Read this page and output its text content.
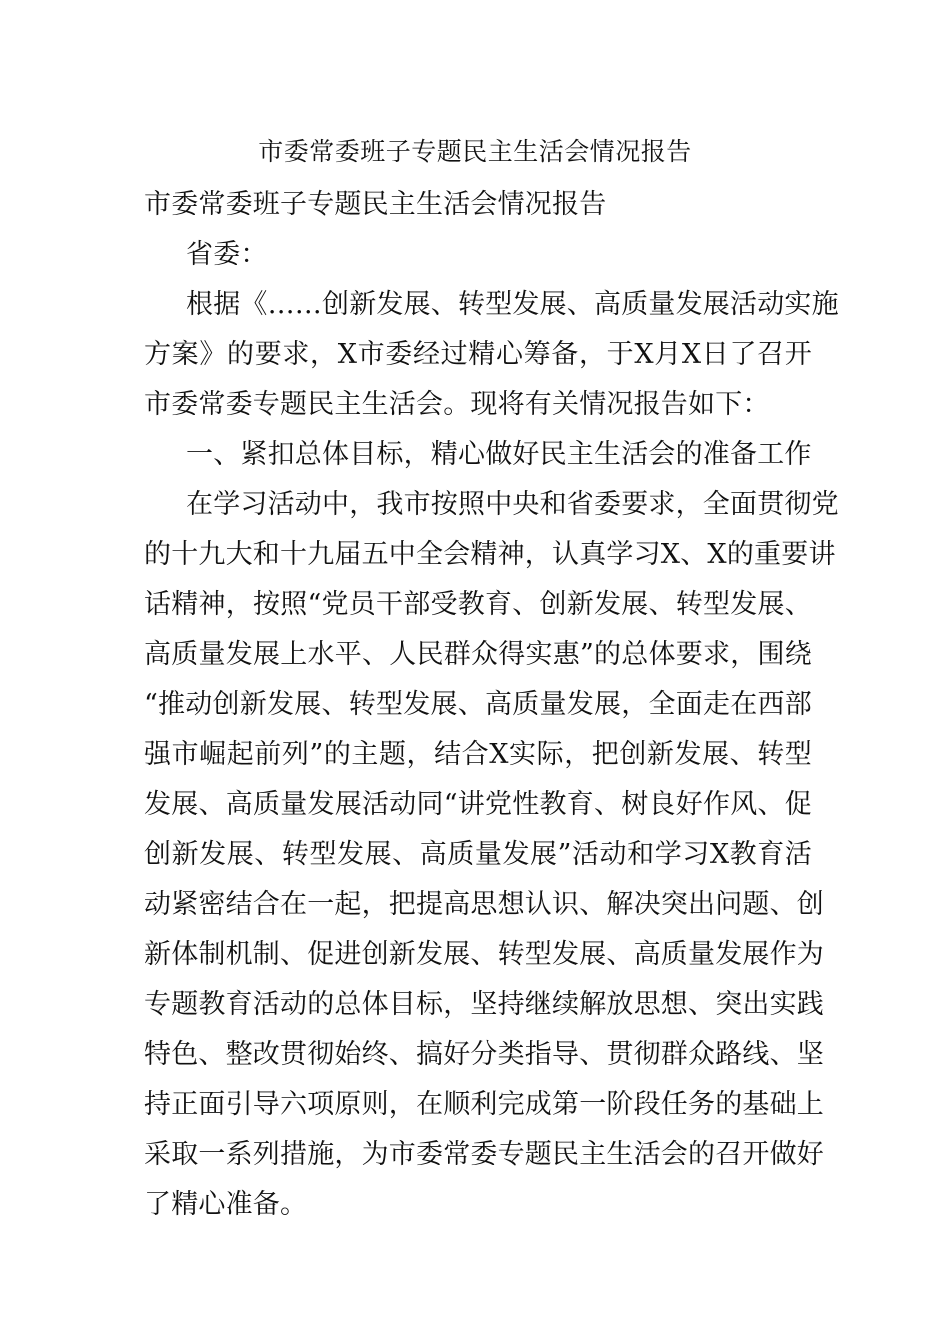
市委常委班子专题民主生活会情况报告
市委常委班子专题民主生活会情况报告
省委：
根据《……创新发展、转型发展、高质量发展活动实施
方案》的要求，X市委经过精心筹备，于X月X日了召开
市委常委专题民主生活会。现将有关情况报告如下：
一、紧扣总体目标，精心做好民主生活会的准备工作
在学习活动中，我市按照中央和省委要求，全面贯彻党
的十九大和十九届五中全会精神，认真学习X、X的重要讲
话精神，按照“党员干部受教育、创新发展、转型发展、
高质量发展上水平、人民群众得实惠”的总体要求，围绕
“推动创新发展、转型发展、高质量发展，全面走在西部
强市崛起前列”的主题，结合X实际，把创新发展、转型
发展、高质量发展活动同“讲党性教育、树良好作风、促
创新发展、转型发展、高质量发展”活动和学习X教育活
动紧密结合在一起，把提高思想认识、解决突出问题、创
新体制机制、促进创新发展、转型发展、高质量发展作为
专题教育活动的总体目标，坚持继续解放思想、突出实践
特色、整改贯彻始终、搞好分类指导、贯彻群众路线、坚
持正面引导六项原则，在顺利完成第一阶段任务的基础上
采取一系列措施，为市委常委专题民主生活会的召开做好
了精心准备。
